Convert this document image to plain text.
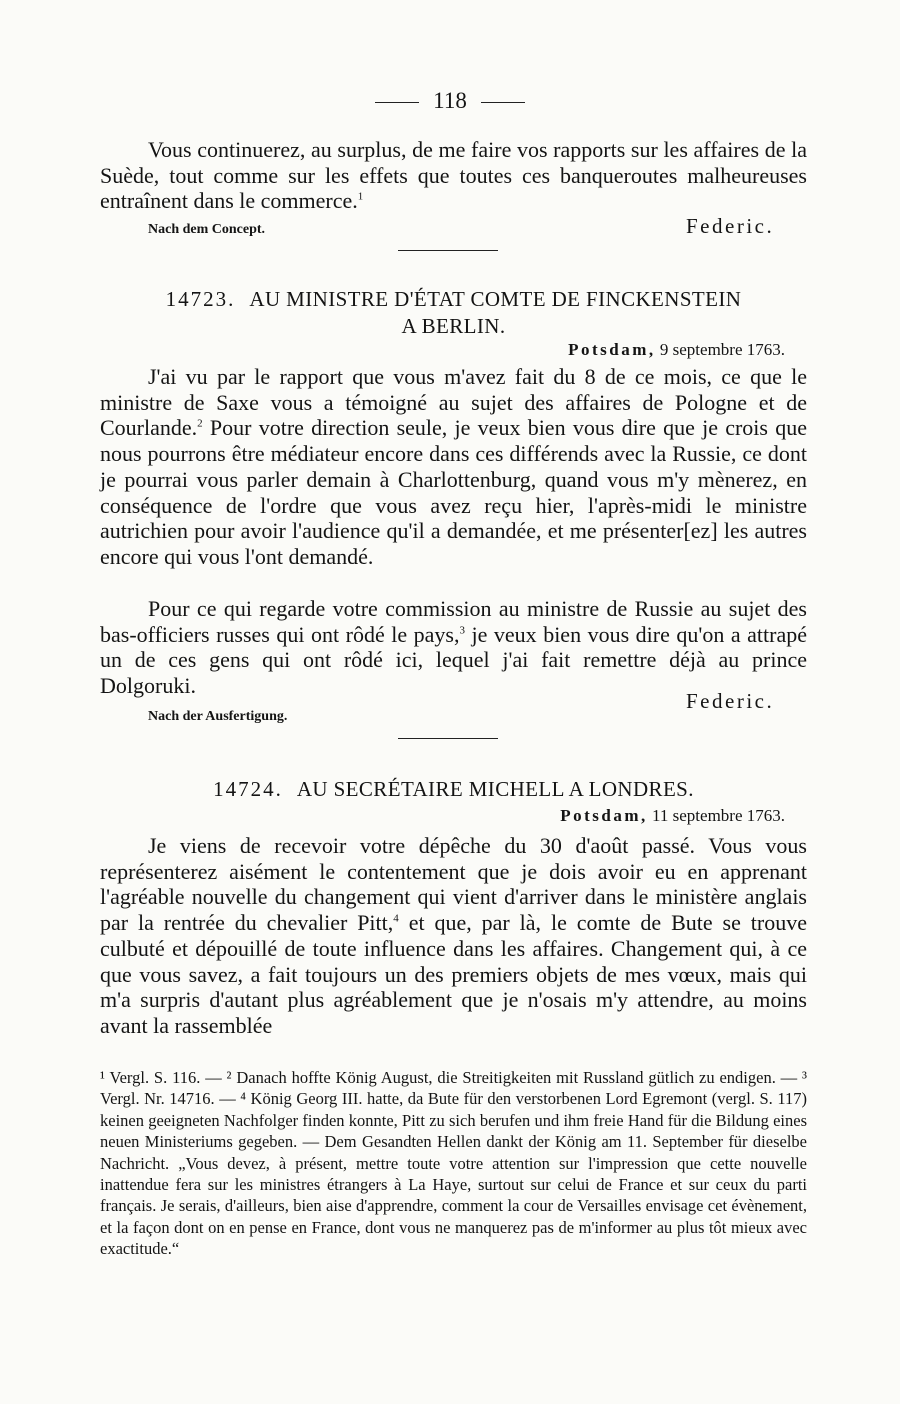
118
Vous continuerez, au surplus, de me faire vos rapports sur les affaires de la Suède, tout comme sur les effets que toutes ces banqueroutes malheureuses entraînent dans le commerce.$^1$
Nach dem Concept.	Federic.
14723. AU MINISTRE D'ÉTAT COMTE DE FINCKENSTEIN
A BERLIN.
Potsdam, 9 septembre 1763.
J'ai vu par le rapport que vous m'avez fait du 8 de ce mois, ce que le ministre de Saxe vous a témoigné au sujet des affaires de Pologne et de Courlande.$^2$ Pour votre direction seule, je veux bien vous dire que je crois que nous pourrons être médiateur encore dans ces différends avec la Russie, ce dont je pourrai vous parler demain à Charlottenburg, quand vous m'y mènerez, en conséquence de l'ordre que vous avez reçu hier, l'après-midi le ministre autrichien pour avoir l'audience qu'il a demandée, et me présenter[ez] les autres encore qui vous l'ont demandé.
Pour ce qui regarde votre commission au ministre de Russie au sujet des bas-officiers russes qui ont rôdé le pays,$^3$ je veux bien vous dire qu'on a attrapé un de ces gens qui ont rôdé ici, lequel j'ai fait remettre déjà au prince Dolgoruki.
Nach der Ausfertigung.
Federic.
14724. AU SECRÉTAIRE MICHELL A LONDRES.
Potsdam, 11 septembre 1763.
Je viens de recevoir votre dépêche du 30 d'août passé. Vous vous représenterez aisément le contentement que je dois avoir eu en apprenant l'agréable nouvelle du changement qui vient d'arriver dans le ministère anglais par la rentrée du chevalier Pitt,$^4$ et que, par là, le comte de Bute se trouve culbuté et dépouillé de toute influence dans les affaires. Changement qui, à ce que vous savez, a fait toujours un des premiers objets de mes vœux, mais qui m'a surpris d'autant plus agréablement que je n'osais m'y attendre, au moins avant la rassemblée
¹ Vergl. S. 116. — ² Danach hoffte König August, die Streitigkeiten mit Russland gütlich zu endigen. — ³ Vergl. Nr. 14716. — ⁴ König Georg III. hatte, da Bute für den verstorbenen Lord Egremont (vergl. S. 117) keinen geeigneten Nachfolger finden konnte, Pitt zu sich berufen und ihm freie Hand für die Bildung eines neuen Ministeriums gegeben. — Dem Gesandten Hellen dankt der König am 11. September für dieselbe Nachricht. „Vous devez, à présent, mettre toute votre attention sur l'impression que cette nouvelle inattendue fera sur les ministres étrangers à La Haye, surtout sur celui de France et sur ceux du parti français. Je serais, d'ailleurs, bien aise d'apprendre, comment la cour de Versailles envisage cet évènement, et la façon dont on en pense en France, dont vous ne manquerez pas de m'informer au plus tôt mieux avec exactitude.“
